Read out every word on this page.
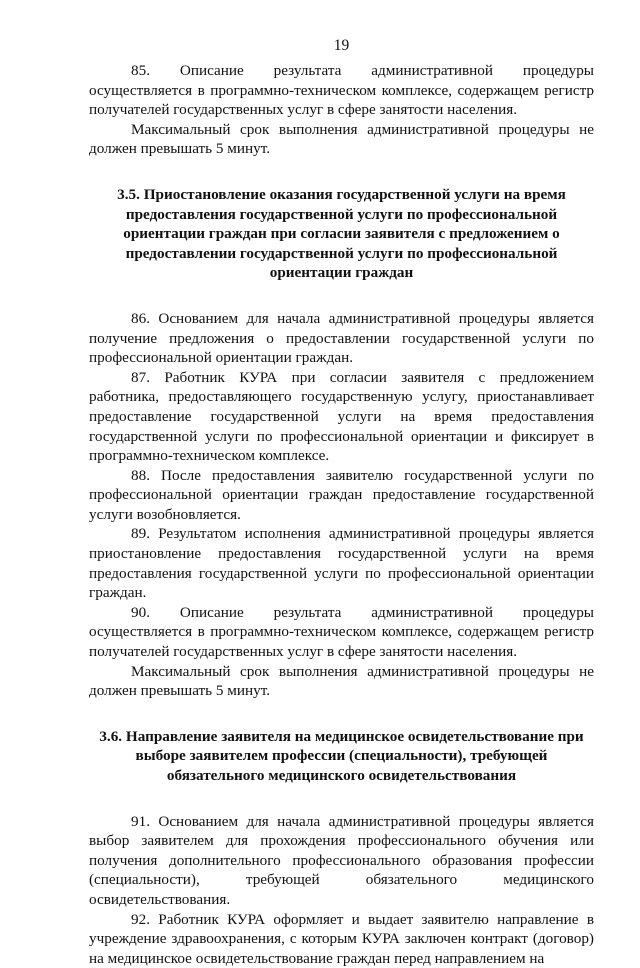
19

85. Описание результата административной процедуры осуществляется в программно-техническом комплексе, содержащем регистр получателей государственных услуг в сфере занятости населения.

Максимальный срок выполнения административной процедуры не должен превышать 5 минут.

3.5. Приостановление оказания государственной услуги на время предоставления государственной услуги по профессиональной ориентации граждан при согласии заявителя с предложением о предоставлении государственной услуги по профессиональной ориентации граждан

86. Основанием для начала административной процедуры является получение предложения о предоставлении государственной услуги по профессиональной ориентации граждан.

87. Работник КУРА при согласии заявителя с предложением работника, предоставляющего государственную услугу, приостанавливает предоставление государственной услуги на время предоставления государственной услуги по профессиональной ориентации и фиксирует в программно-техническом комплексе.

88. После предоставления заявителю государственной услуги по профессиональной ориентации граждан предоставление государственной услуги возобновляется.

89. Результатом исполнения административной процедуры является приостановление предоставления государственной услуги на время предоставления государственной услуги по профессиональной ориентации граждан.

90. Описание результата административной процедуры осуществляется в программно-техническом комплексе, содержащем регистр получателей государственных услуг в сфере занятости населения.

Максимальный срок выполнения административной процедуры не должен превышать 5 минут.

3.6. Направление заявителя на медицинское освидетельствование при выборе заявителем профессии (специальности), требующей обязательного медицинского освидетельствования

91. Основанием для начала административной процедуры является выбор заявителем для прохождения профессионального обучения или получения дополнительного профессионального образования профессии (специальности), требующей обязательного медицинского освидетельствования.

92. Работник КУРА оформляет и выдает заявителю направление в учреждение здравоохранения, с которым КУРА заключен контракт (договор) на медицинское освидетельствование граждан перед направлением на
